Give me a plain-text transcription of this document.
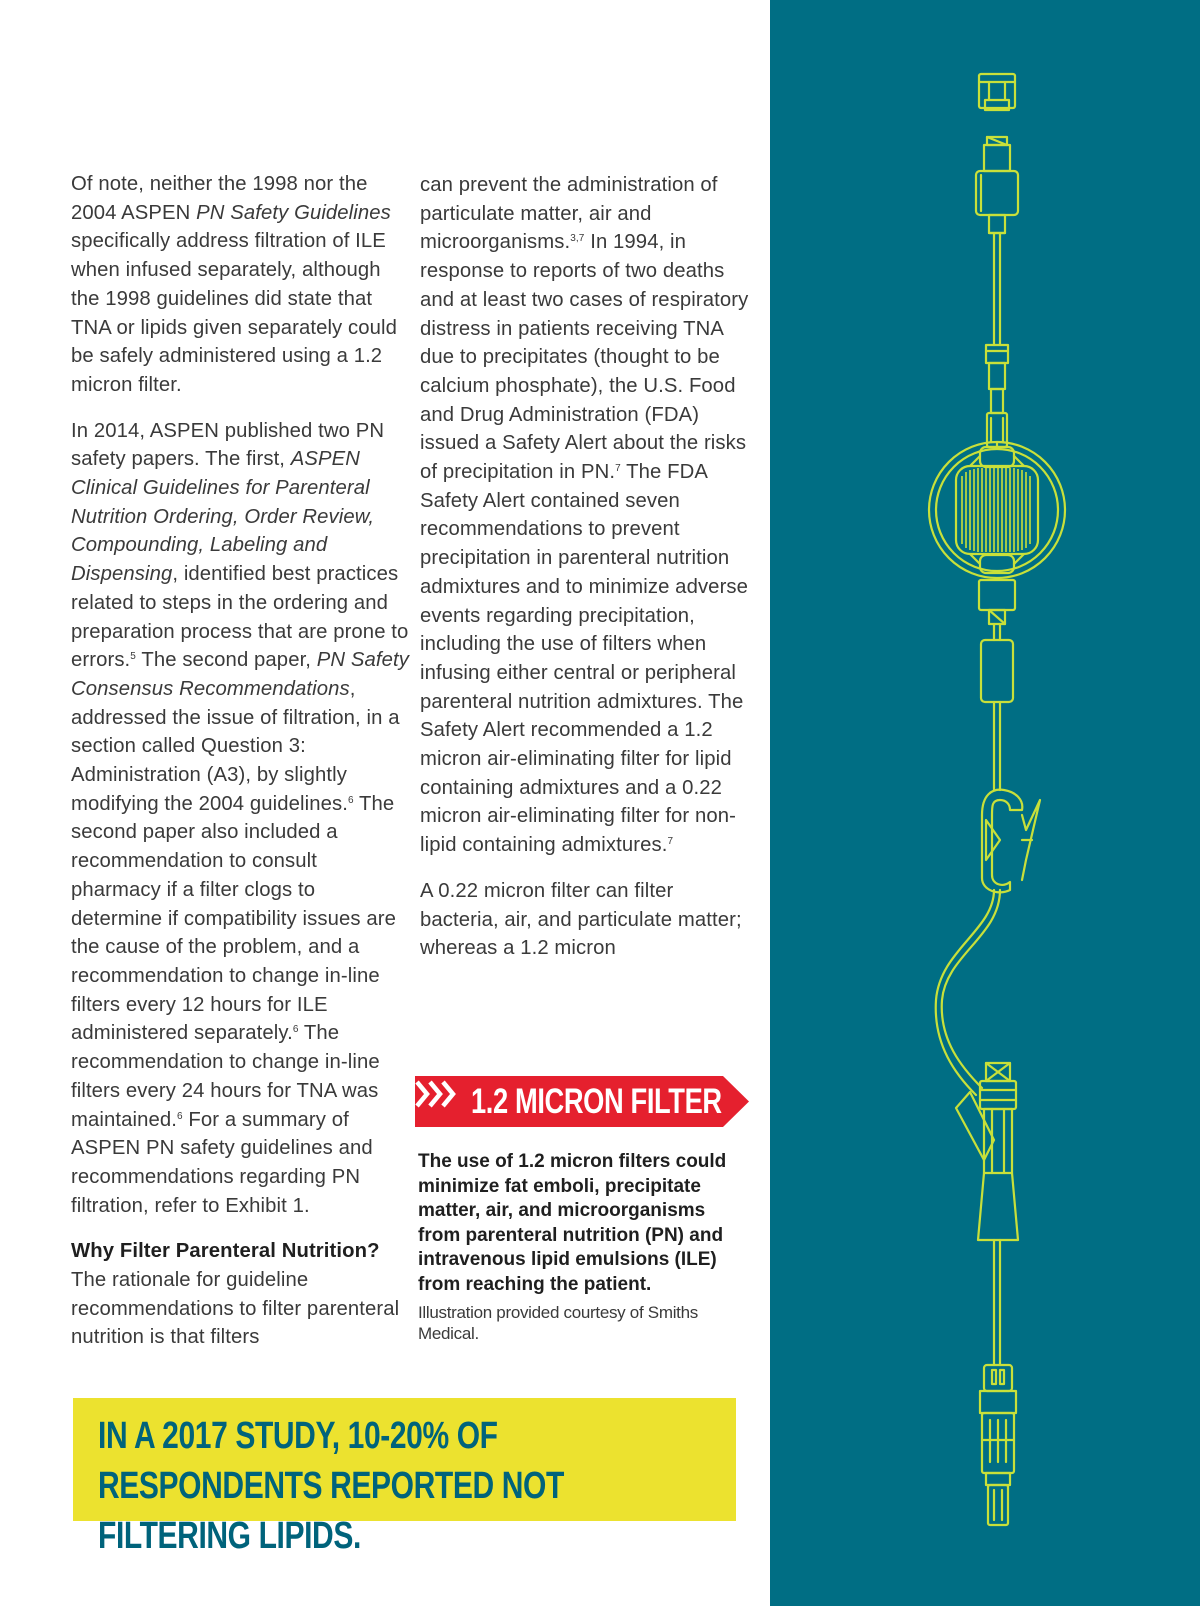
Of note, neither the 1998 nor the 2004 ASPEN PN Safety Guidelines specifically address filtration of ILE when infused separately, although the 1998 guidelines did state that TNA or lipids given separately could be safely administered using a 1.2 micron filter.

In 2014, ASPEN published two PN safety papers. The first, ASPEN Clinical Guidelines for Parenteral Nutrition Ordering, Order Review, Compounding, Labeling and Dispensing, identified best practices related to steps in the ordering and preparation process that are prone to errors.$^5$ The second paper, PN Safety Consensus Recommendations, addressed the issue of filtration, in a section called Question 3: Administration (A3), by slightly modifying the 2004 guidelines.$^6$ The second paper also included a recommendation to consult pharmacy if a filter clogs to determine if compatibility issues are the cause of the problem, and a recommendation to change in-line filters every 12 hours for ILE administered separately.$^6$ The recommendation to change in-line filters every 24 hours for TNA was maintained.$^6$ For a summary of ASPEN PN safety guidelines and recommendations regarding PN filtration, refer to Exhibit 1.

Why Filter Parenteral Nutrition?

The rationale for guideline recommendations to filter parenteral nutrition is that filters

can prevent the administration of particulate matter, air and microorganisms.$^{3,7}$ In 1994, in response to reports of two deaths and at least two cases of respiratory distress in patients receiving TNA due to precipitates (thought to be calcium phosphate), the U.S. Food and Drug Administration (FDA) issued a Safety Alert about the risks of precipitation in PN.$^7$ The FDA Safety Alert contained seven recommendations to prevent precipitation in parenteral nutrition admixtures and to minimize adverse events regarding precipitation, including the use of filters when infusing either central or peripheral parenteral nutrition admixtures. The Safety Alert recommended a 1.2 micron air-eliminating filter for lipid containing admixtures and a 0.22 micron air-eliminating filter for non-lipid containing admixtures.$^7$

A 0.22 micron filter can filter bacteria, air, and particulate matter; whereas a 1.2 micron

1.2 MICRON FILTER
The use of 1.2 micron filters could minimize fat emboli, precipitate matter, air, and microorganisms from parenteral nutrition (PN) and intravenous lipid emulsions (ILE) from reaching the patient.
Illustration provided courtesy of Smiths Medical.
IN A 2017 STUDY, 10-20% OF RESPONDENTS REPORTED NOT FILTERING LIPIDS.
